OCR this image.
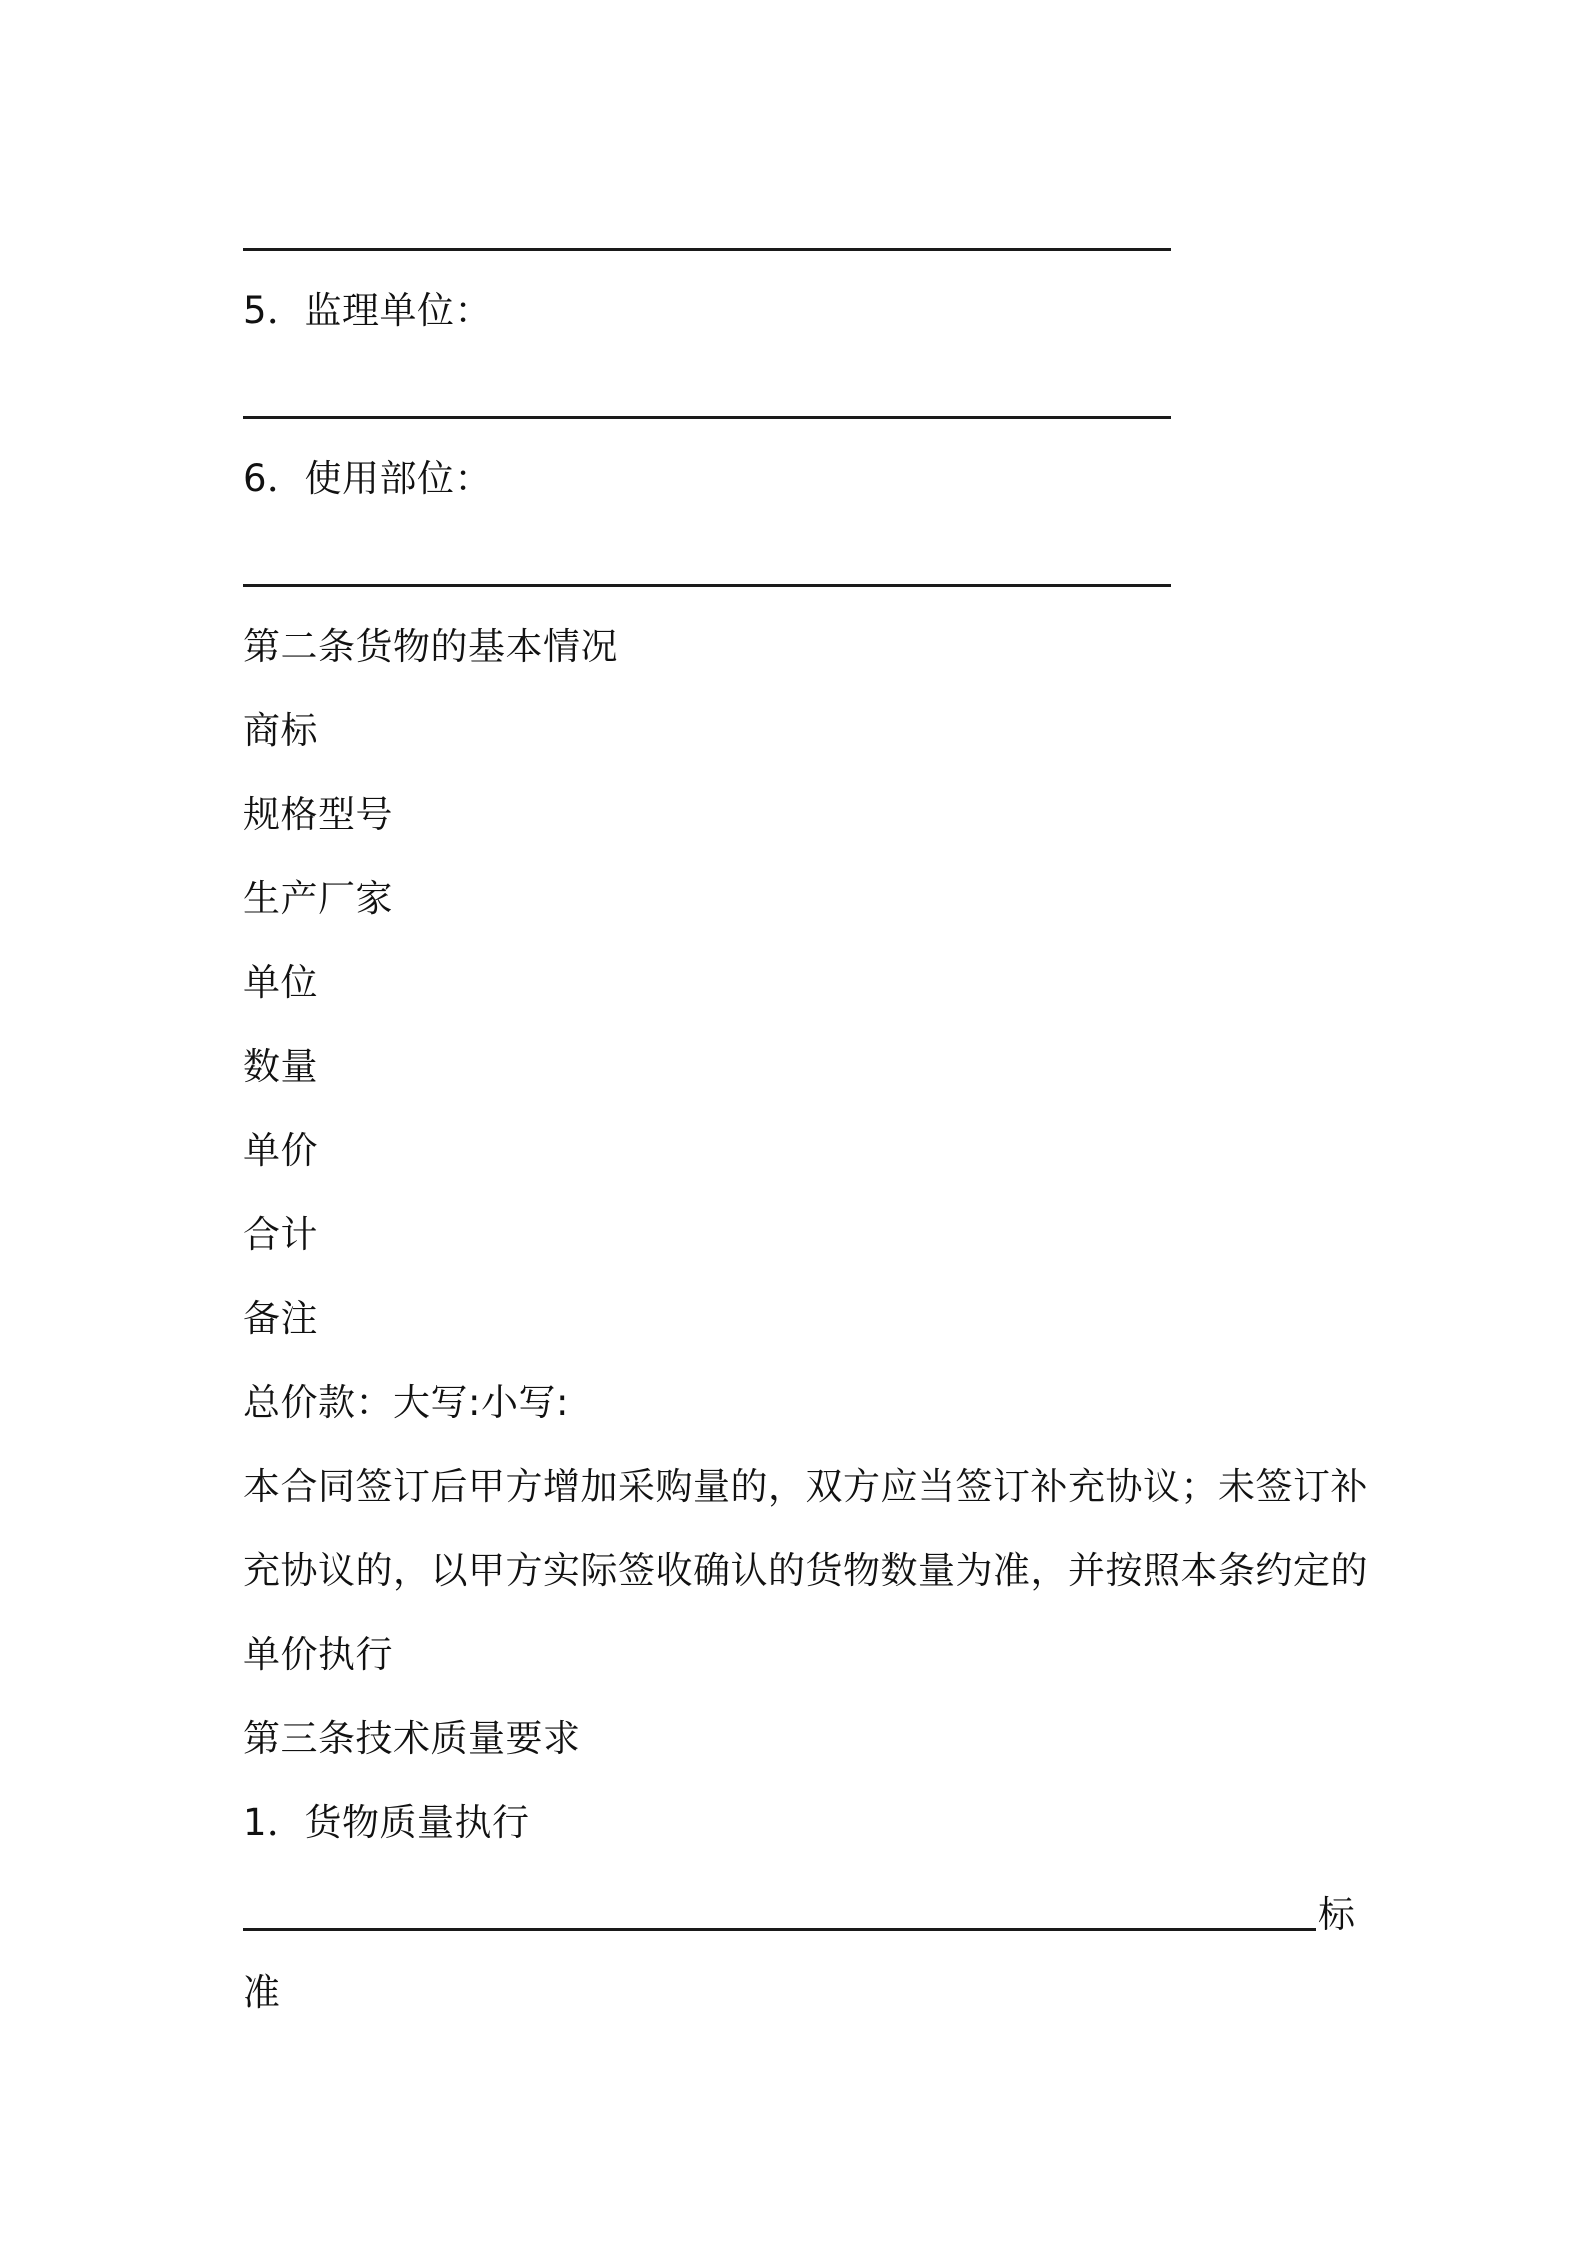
5．监理单位：
6．使用部位：
第二条货物的基本情况
商标
规格型号
生产厂家
单位
数量
单价
合计
备注
总价款：大写:小写:
本合同签订后甲方增加采购量的，双方应当签订补充协议；未签订补
充协议的，以甲方实际签收确认的货物数量为准，并按照本条约定的
单价执行
第三条技术质量要求
1．货物质量执行
标
准
